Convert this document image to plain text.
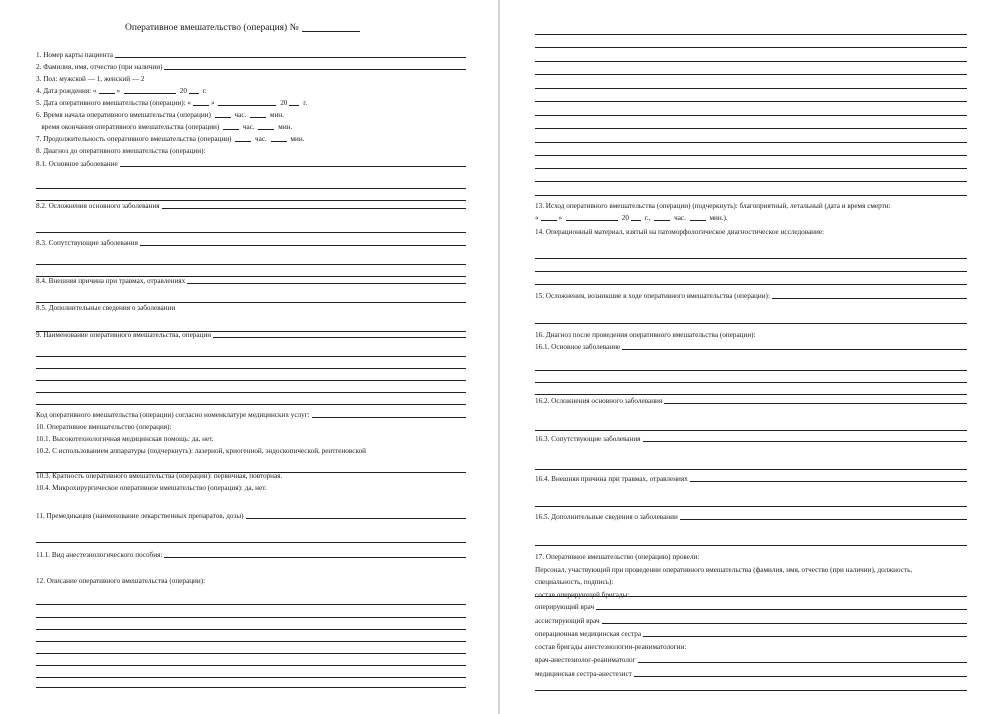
Оперативное вмешательство (операция) №
1. Номер карты пациента
2. Фамилия, имя, отчество (при наличии)
3. Пол: мужской — 1, женский — 2
4. Дата рождения: «	»	20 г.
5. Дата оперативного вмешательства (операции): «	»	20 г.
6. Время начала оперативного вмешательства (операции)	час.	мин.
время окончания оперативного вмешательства (операции)	час.	мин.
7. Продолжительность оперативного вмешательства (операции)	час.	мин.
8. Диагноз до оперативного вмешательства (операции):
8.1. Основное заболевание
8.2. Осложнения основного заболевания
8.3. Сопутствующие заболевания
8.4. Внешняя причина при травмах, отравлениях
8.5. Дополнительные сведения о заболевании
9. Наименование оперативного вмешательства, операции
Код оперативного вмешательства (операции) согласно номенклатуре медицинских услуг:
10. Оперативное вмешательство (операция):
10.1. Высокотехнологичная медицинская помощь: да, нет.
10.2. С использованием аппаратуры (подчеркнуть): лазерной, криогенной, эндоскопической, рентгеновской
10.3. Кратность оперативного вмешательства (операции): первичная, повторная.
10.4. Микрохирургическое оперативное вмешательство (операция): да, нет.
11. Премедикация (наименование лекарственных препаратов, дозы)
11.1. Вид анестезиологического пособия:
12. Описание оперативного вмешательства (операции):
13. Исход оперативного вмешательства (операции) (подчеркнуть): благоприятный, летальный (дата и время смерти:
«	»	20 г.,	час.	мин.).
14. Операционный материал, взятый на патоморфологическое диагностическое исследование:
15. Осложнения, возникшие в ходе оперативного вмешательства (операции):
16. Диагноз после проведения оперативного вмешательства (операции):
16.1. Основное заболевание
16.2. Осложнения основного заболевания
16.3. Сопутствующие заболевания
16.4. Внешняя причина при травмах, отравлениях
16.5. Дополнительные сведения о заболевании
17. Оперативное вмешательство (операцию) провели:
Персонал, участвующий при проведении оперативного вмешательства (фамилия, имя, отчество (при наличии), должность,
специальность, подпись):
состав оперирующей бригады:
оперирующий врач
ассистирующий врач
операционная медицинская сестра
состав бригады анестезиологии-реаниматологии:
врач-анестезиолог-реаниматолог
медицинская сестра-анестезист
